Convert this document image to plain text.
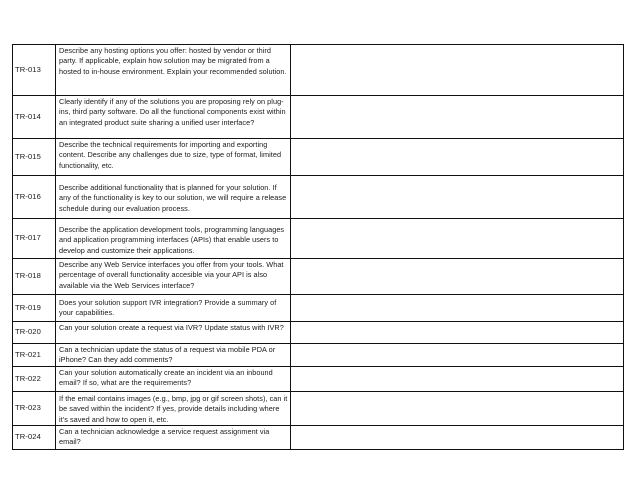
TR-013
Describe any hosting options you offer: hosted by vendor or third party. If applicable, explain how solution may be migrated from a hosted to in-house environment. Explain your recommended solution.
TR-014
Clearly identify if any of the solutions you are proposing rely on plug-ins, third party software. Do all the functional components exist within an integrated product suite sharing a unified user interface?
TR-015
Describe the technical requirements for importing and exporting content. Describe any challenges due to size, type of format, limited functionality, etc.
TR-016
Describe additional functionality that is planned for your solution. If any of the functionality is key to our solution, we will require a release schedule during our evaluation process.
TR-017
Describe the application development tools, programming languages and application programming interfaces (APIs) that enable users to develop and customize their applications.
TR-018
Describe any Web Service interfaces you offer from your tools. What percentage of overall functionality accesible via your API is also available via the Web Services interface?
TR-019
Does your solution support IVR integration? Provide a summary of your capabilities.
TR-020	Can your solution create a request via IVR? Update status with IVR?
TR-021
Can a technician update the status of a request via mobile PDA or iPhone? Can they add comments?
TR-022
Can your solution automatically create an incident via an inbound email? If so, what are the requirements?
TR-023
If the email contains images (e.g., bmp, jpg or gif screen shots), can it be saved within the incident? If yes, provide details including where it's saved and how to open it, etc.
TR-024
Can a technician acknowledge a service request assignment via email?
